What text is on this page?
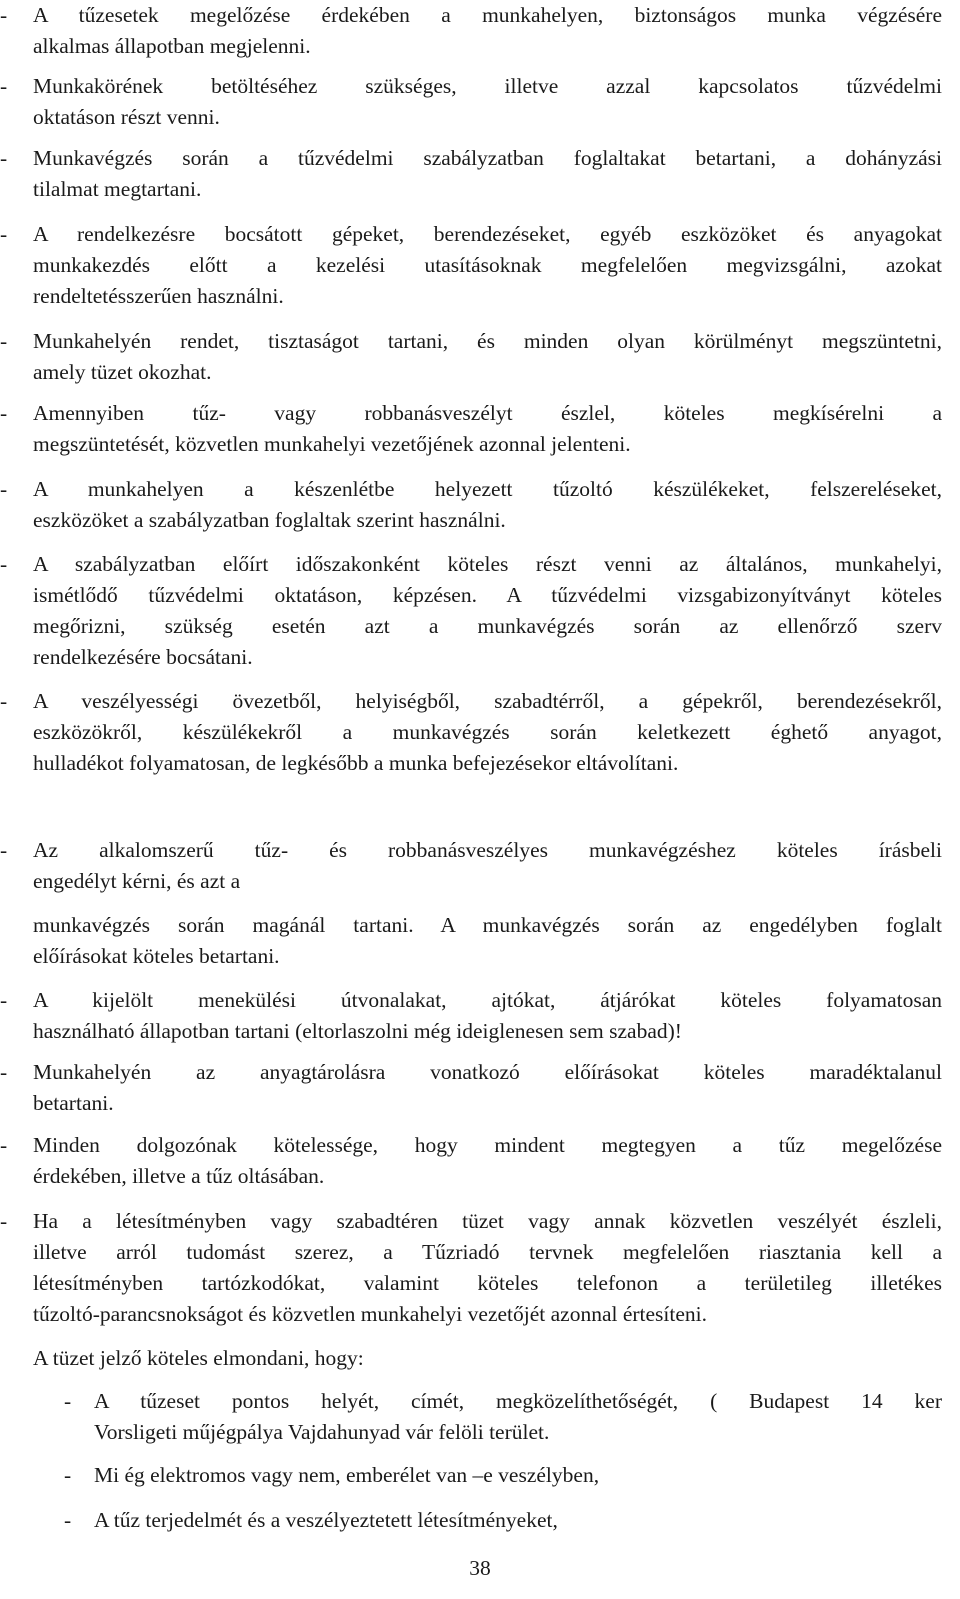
-	A tűzesetek megelőzése érdekében a munkahelyen, biztonságos munka végzésére
alkalmas állapotban megjelenni.
-	Munkakörének betöltéséhez szükséges, illetve azzal kapcsolatos tűzvédelmi
oktatáson részt venni.
-	Munkavégzés során a tűzvédelmi szabályzatban foglaltakat betartani, a dohányzási
tilalmat megtartani.
-	A rendelkezésre bocsátott gépeket, berendezéseket, egyéb eszközöket és anyagokat
munkakezdés előtt a kezelési utasításoknak megfelelően megvizsgálni, azokat
rendeltetésszerűen használni.
-	Munkahelyén rendet, tisztaságot tartani, és minden olyan körülményt megszüntetni,
amely tüzet okozhat.
-	Amennyiben tűz- vagy robbanásveszélyt észlel, köteles megkísérelni a
megszüntetését, közvetlen munkahelyi vezetőjének azonnal jelenteni.
-	A munkahelyen a készenlétbe helyezett tűzoltó készülékeket, felszereléseket,
eszközöket a szabályzatban foglaltak szerint használni.
-	A szabályzatban előírt időszakonként köteles részt venni az általános, munkahelyi,
ismétlődő tűzvédelmi oktatáson, képzésen. A tűzvédelmi vizsgabizonyítványt köteles
megőrizni, szükség esetén azt a munkavégzés során az ellenőrző szerv
rendelkezésére bocsátani.
-	A veszélyességi övezetből, helyiségből, szabadtérről, a gépekről, berendezésekről,
eszközökről, készülékekről a munkavégzés során keletkezett éghető anyagot,
hulladékot folyamatosan, de legkésőbb a munka befejezésekor eltávolítani.
-	Az alkalomszerű tűz- és robbanásveszélyes munkavégzéshez köteles írásbeli
engedélyt kérni, és azt a
munkavégzés során magánál tartani. A munkavégzés során az engedélyben foglalt
előírásokat köteles betartani.
-	A kijelölt menekülési útvonalakat, ajtókat, átjárókat köteles folyamatosan
használható állapotban tartani (eltorlaszolni még ideiglenesen sem szabad)!
-	Munkahelyén az anyagtárolásra vonatkozó előírásokat köteles maradéktalanul
betartani.
-	Minden dolgozónak kötelessége, hogy mindent megtegyen a tűz megelőzése
érdekében, illetve a tűz oltásában.
-	Ha a létesítményben vagy szabadtéren tüzet vagy annak közvetlen veszélyét észleli,
illetve arról tudomást szerez, a Tűzriadó tervnek megfelelően riasztania kell a
létesítményben tartózkodókat, valamint köteles telefonon a területileg illetékes
tűzoltó-parancsnokságot és közvetlen munkahelyi vezetőjét azonnal értesíteni.
A tüzet jelző köteles elmondani, hogy:
-	A tűzeset pontos helyét, címét, megközelíthetőségét, ( Budapest 14 ker
Vorsligeti műjégpálya Vajdahunyad vár felöli terület.
-	Mi ég elektromos vagy nem, emberélet van –e veszélyben,
-	A tűz terjedelmét és a veszélyeztetett létesítményeket,
38
